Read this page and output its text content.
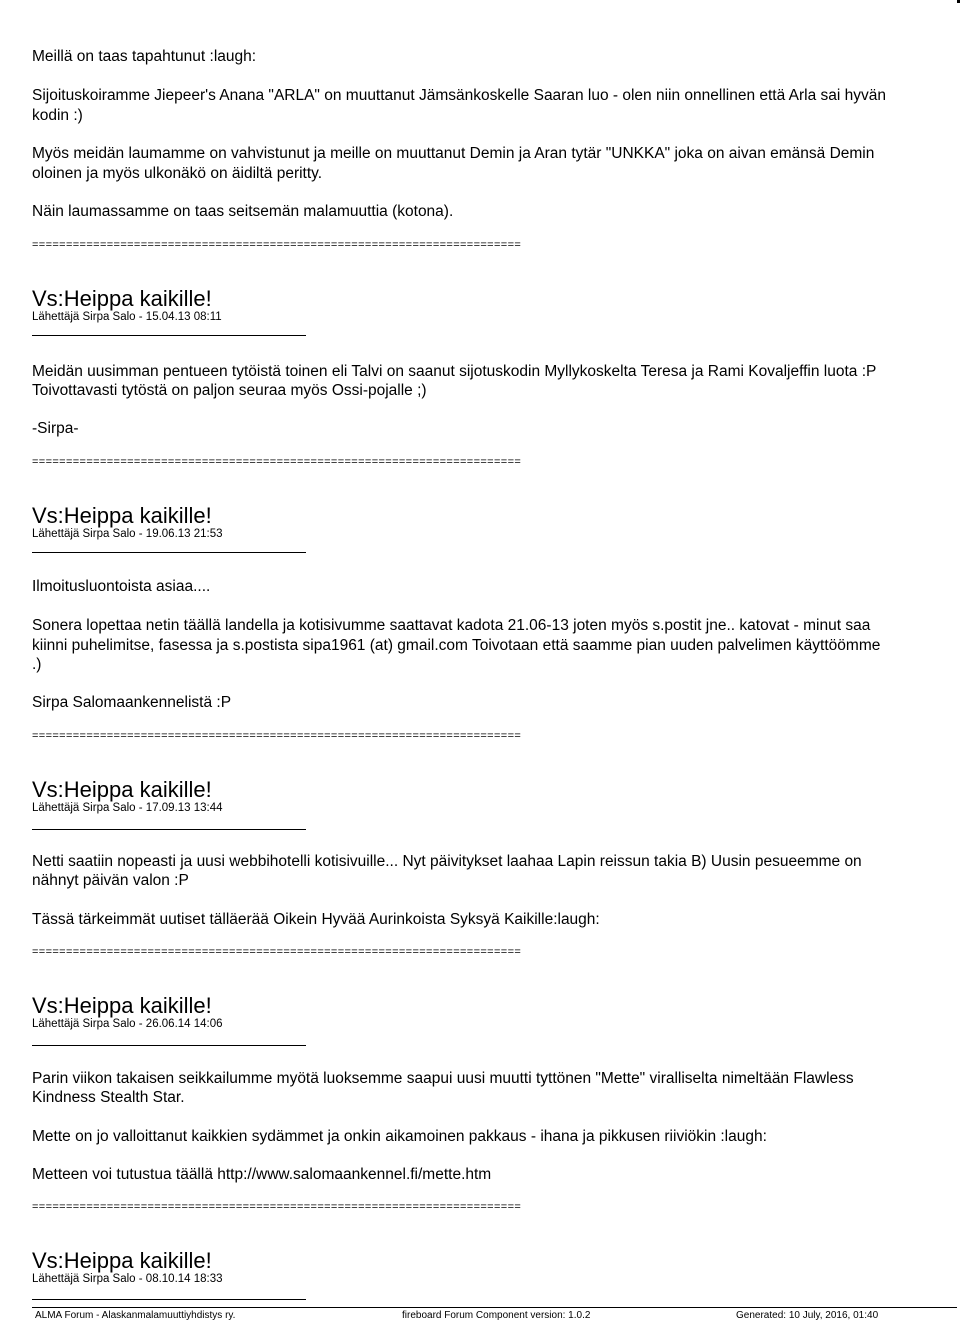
Meillä on taas tapahtunut :laugh:
Sijoituskoiramme Jiepeer's Anana "ARLA" on muuttanut Jämsänkoskelle Saaran luo - olen niin onnellinen että Arla sai hyvän
kodin :)
Myös meidän laumamme on vahvistunut ja meille on muuttanut Demin ja Aran tytär "UNKKA" joka on aivan emänsä Demin
oloinen ja myös ulkonäkö on äidiltä peritty.
Näin laumassamme on taas seitsemän malamuuttia (kotona).
========================================================================
Vs:Heippa kaikille!
Lähettäjä Sirpa Salo - 15.04.13 08:11
Meidän uusimman pentueen tytöistä toinen eli Talvi on saanut sijotuskodin Myllykoskelta Teresa ja Rami Kovaljeffin luota :P
Toivottavasti tytöstä on paljon seuraa myös Ossi-pojalle ;)
-Sirpa-
========================================================================
Vs:Heippa kaikille!
Lähettäjä Sirpa Salo - 19.06.13 21:53
Ilmoitusluontoista asiaa....
Sonera lopettaa netin täällä landella ja kotisivumme saattavat kadota 21.06-13 joten myös s.postit jne.. katovat - minut saa
kiinni puhelimitse, fasessa ja s.postista sipa1961 (at) gmail.com Toivotaan että saamme pian uuden palvelimen käyttöömme
.)
Sirpa Salomaankennelistä :P
========================================================================
Vs:Heippa kaikille!
Lähettäjä Sirpa Salo - 17.09.13 13:44
Netti saatiin nopeasti ja uusi webbihotelli kotisivuille... Nyt päivitykset laahaa Lapin reissun takia B) Uusin pesueemme on
nähnyt päivän valon :P
Tässä tärkeimmät uutiset tälläerää Oikein Hyvää Aurinkoista Syksyä Kaikille:laugh:
========================================================================
Vs:Heippa kaikille!
Lähettäjä Sirpa Salo - 26.06.14 14:06
Parin viikon takaisen seikkailumme myötä luoksemme saapui uusi muutti tyttönen "Mette" viralliselta nimeltään Flawless
Kindness Stealth Star.
Mette on jo valloittanut kaikkien sydämmet ja onkin aikamoinen pakkaus - ihana ja pikkusen riiviökin :laugh:
Metteen voi tutustua täällä http://www.salomaankennel.fi/mette.htm
========================================================================
Vs:Heippa kaikille!
Lähettäjä Sirpa Salo - 08.10.14 18:33
ALMA Forum - Alaskanmalamuuttiyhdistys ry.	fireboard Forum Component version: 1.0.2	Generated: 10 July, 2016, 01:40
